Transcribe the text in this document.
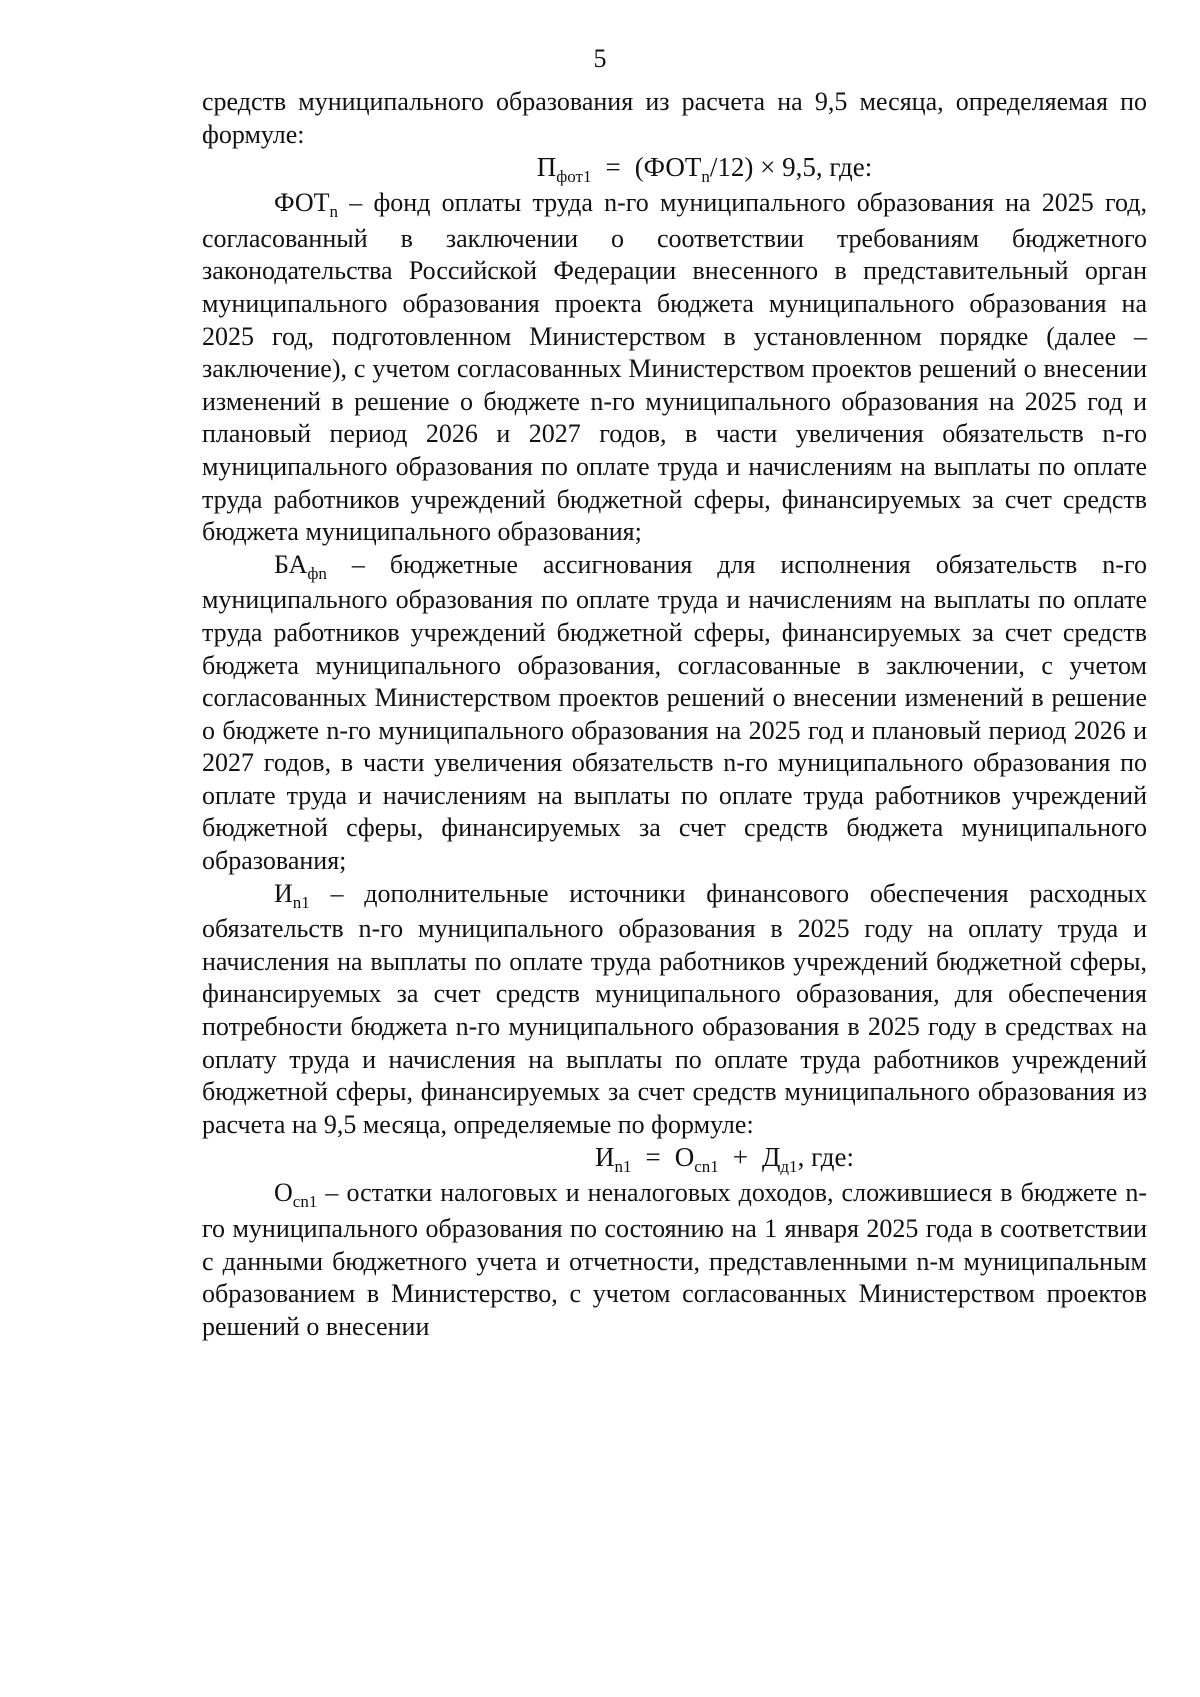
5

средств муниципального образования из расчета на 9,5 месяца, определяемая по формуле:

$П_{фот1} = (ФОТ_n/12) \times 9,5$, где:

$ФОТ_n$ – фонд оплаты труда n-го муниципального образования на 2025 год, согласованный в заключении о соответствии требованиям бюджетного законодательства Российской Федерации внесенного в представительный орган муниципального образования проекта бюджета муниципального образования на 2025 год, подготовленном Министерством в установленном порядке (далее – заключение), с учетом согласованных Министерством проектов решений о внесении изменений в решение о бюджете n-го муниципального образования на 2025 год и плановый период 2026 и 2027 годов, в части увеличения обязательств n-го муниципального образования по оплате труда и начислениям на выплаты по оплате труда работников учреждений бюджетной сферы, финансируемых за счет средств бюджета муниципального образования;

$БА_{фn}$ – бюджетные ассигнования для исполнения обязательств n-го муниципального образования по оплате труда и начислениям на выплаты по оплате труда работников учреждений бюджетной сферы, финансируемых за счет средств бюджета муниципального образования, согласованные в заключении, с учетом согласованных Министерством проектов решений о внесении изменений в решение о бюджете n-го муниципального образования на 2025 год и плановый период 2026 и 2027 годов, в части увеличения обязательств n-го муниципального образования по оплате труда и начислениям на выплаты по оплате труда работников учреждений бюджетной сферы, финансируемых за счет средств бюджета муниципального образования;

$И_{n1}$ – дополнительные источники финансового обеспечения расходных обязательств n-го муниципального образования в 2025 году на оплату труда и начисления на выплаты по оплате труда работников учреждений бюджетной сферы, финансируемых за счет средств муниципального образования, для обеспечения потребности бюджета n-го муниципального образования в 2025 году в средствах на оплату труда и начисления на выплаты по оплате труда работников учреждений бюджетной сферы, финансируемых за счет средств муниципального образования из расчета на 9,5 месяца, определяемые по формуле:

$И_{n1} = О_{сn1} + Д_{д1}$, где:

$О_{сn1}$ – остатки налоговых и неналоговых доходов, сложившиеся в бюджете n-го муниципального образования по состоянию на 1 января 2025 года в соответствии с данными бюджетного учета и отчетности, представленными n-м муниципальным образованием в Министерство, с учетом согласованных Министерством проектов решений о внесении
